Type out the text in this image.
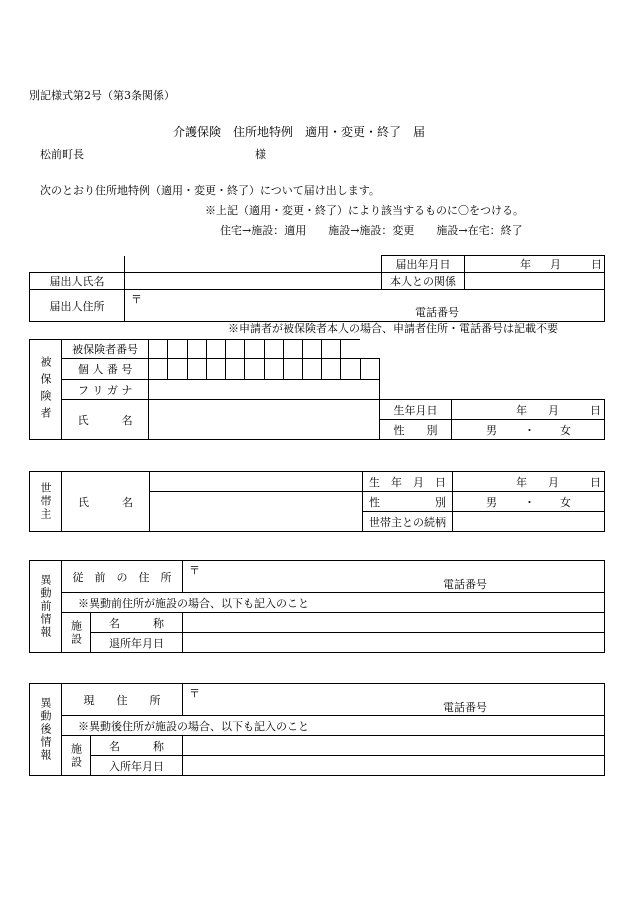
別記様式第2号（第3条関係）
介護保険　住所地特例　適用・変更・終了　届
松前町長	様
次のとおり住所地特例（適用・変更・終了）について届け出します。
※上記（適用・変更・終了）により該当するものに〇をつける。
住宅→施設：適用　　施設→施設：変更　　施設→在宅：終了
		届出年月日	年 月 日

届出人氏名		本人との関係	
届出人住所	〒
電話番号		
※申請者が被保険者本人の場合、申請者住所・電話番号は記載不要
被保険者	被保険者番号												
	個 人 番 号												
	フ リ ガ ナ												
	氏　　　名												
生年月日	年 月 日

性　　別	男 ・ 女
世帯主	氏　　　名		生　年　月　日	年 月 日

			性　　　　　別	男 ・ 女

			世帯主との続柄	
異動前情報	従　前　の　住　所		〒
電話番号

	※異動前住所が施設の場合、以下も記入のこと		

	施設	名　　　称	
		退所年月日	
異動後情報	現　　住　　所		〒
電話番号

	※異動後住所が施設の場合、以下も記入のこと		

	施設	名　　　称	
		入所年月日	
